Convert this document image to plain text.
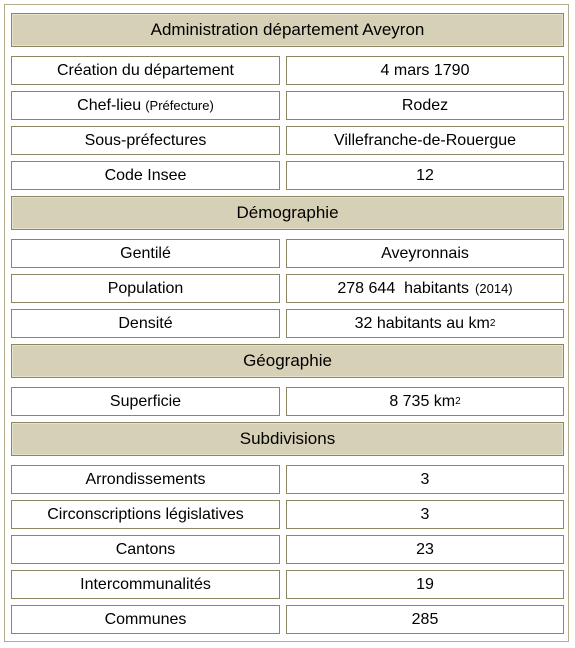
Administration département Aveyron
Création du département	4 mars 1790
Chef-lieu (Préfecture)	Rodez
Sous-préfectures	Villefranche-de-Rouergue
Code Insee	12
Démographie
Gentilé	Aveyronnais
Population	278 644  habitants (2014)
Densité	32 habitants au km 2
Géographie
Superficie	8 735 km 2
Subdivisions
Arrondissements	3
Circonscriptions législatives	3
Cantons	23
Intercommunalités	19
Communes	285
